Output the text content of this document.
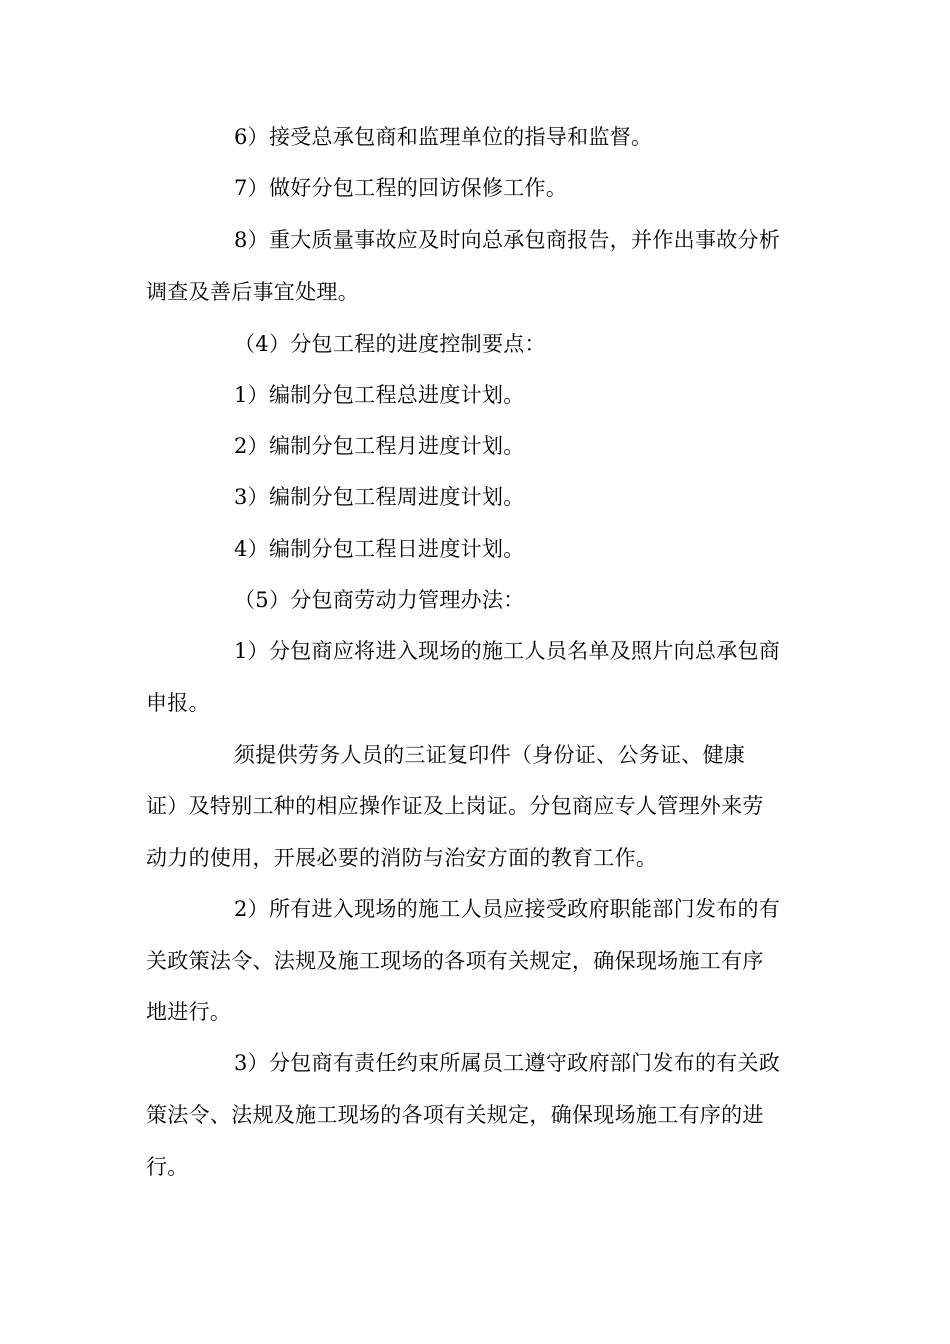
6）接受总承包商和监理单位的指导和监督。
7）做好分包工程的回访保修工作。
8）重大质量事故应及时向总承包商报告，并作出事故分析
调查及善后事宜处理。
（4）分包工程的进度控制要点：
1）编制分包工程总进度计划。
2）编制分包工程月进度计划。
3）编制分包工程周进度计划。
4）编制分包工程日进度计划。
（5）分包商劳动力管理办法：
1）分包商应将进入现场的施工人员名单及照片向总承包商
申报。
须提供劳务人员的三证复印件（身份证、公务证、健康
证）及特别工种的相应操作证及上岗证。分包商应专人管理外来劳
动力的使用，开展必要的消防与治安方面的教育工作。
2）所有进入现场的施工人员应接受政府职能部门发布的有
关政策法令、法规及施工现场的各项有关规定，确保现场施工有序
地进行。
3）分包商有责任约束所属员工遵守政府部门发布的有关政
策法令、法规及施工现场的各项有关规定，确保现场施工有序的进
行。
